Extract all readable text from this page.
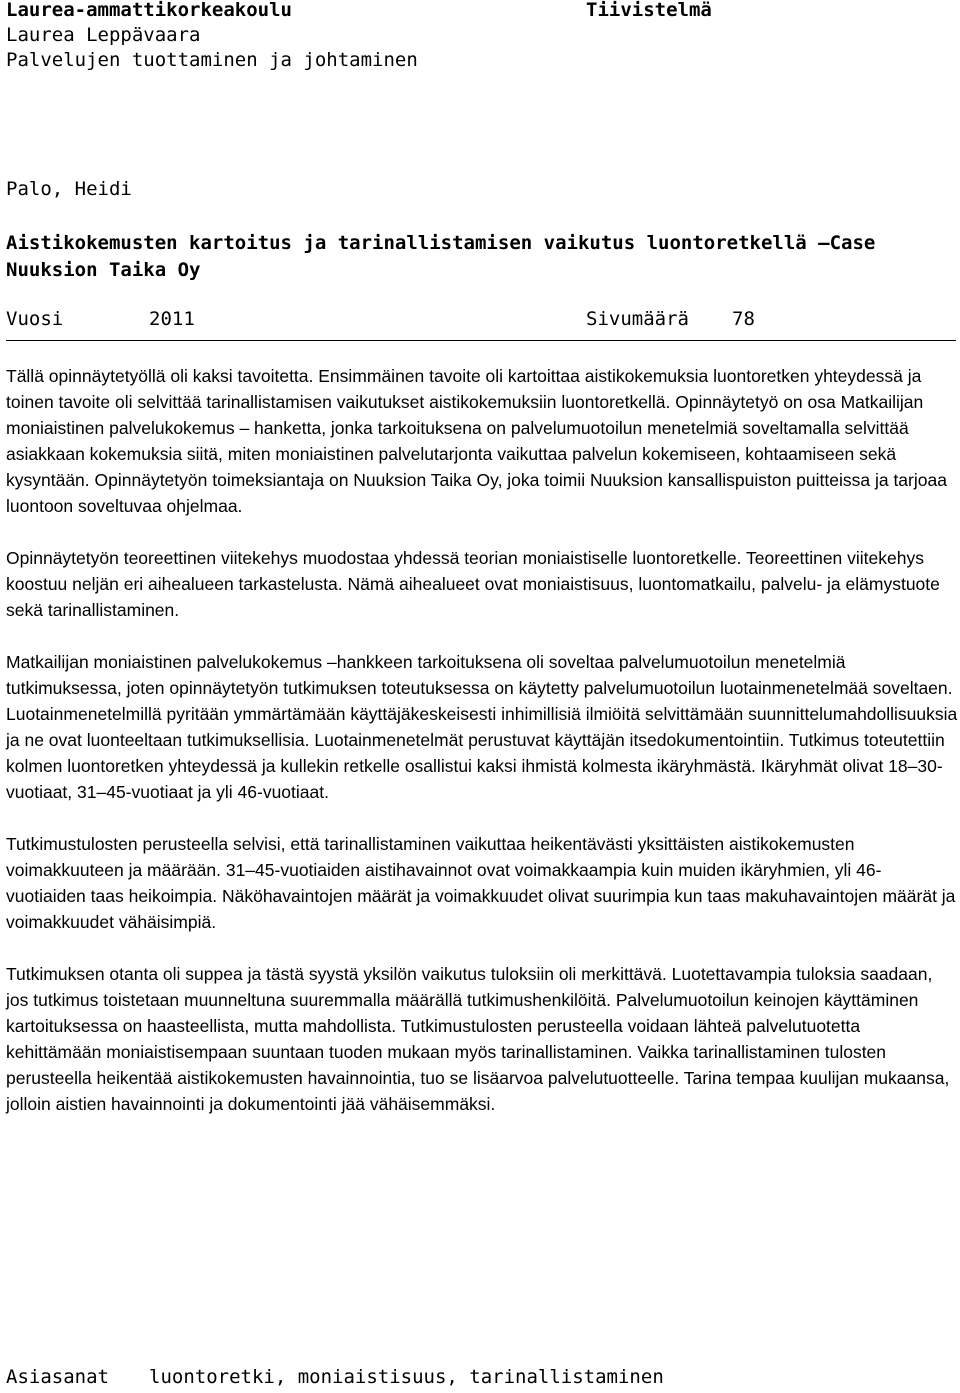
Laurea-ammattikorkeakoulu
Laurea Leppävaara
Palvelujen tuottaminen ja johtaminen
Tiivistelmä
Palo, Heidi
Aistikokemusten kartoitus ja tarinallistamisen vaikutus luontoretkellä –Case Nuuksion Taika Oy
Vuosi	2011	Sivumäärä 78

Tällä opinnäytetyöllä oli kaksi tavoitetta. Ensimmäinen tavoite oli kartoittaa aistikokemuksia luontoretken yhteydessä ja toinen tavoite oli selvittää tarinallistamisen vaikutukset aistikokemuksiin luontoretkellä. Opinnäytetyö on osa Matkailijan moniaistinen palvelukokemus – hanketta, jonka tarkoituksena on palvelumuotoilun menetelmiä soveltamalla selvittää asiakkaan kokemuksia siitä, miten moniaistinen palvelutarjonta vaikuttaa palvelun kokemiseen, kohtaamiseen sekä kysyntään. Opinnäytetyön toimeksiantaja on Nuuksion Taika Oy, joka toimii Nuuksion kansallispuiston puitteissa ja tarjoaa luontoon soveltuvaa ohjelmaa.

Opinnäytetyön teoreettinen viitekehys muodostaa yhdessä teorian moniaistiselle luontoretkelle. Teoreettinen viitekehys koostuu neljän eri aihealueen tarkastelusta. Nämä aihealueet ovat moniaistisuus, luontomatkailu, palvelu- ja elämystuote sekä tarinallistaminen.

Matkailijan moniaistinen palvelukokemus –hankkeen tarkoituksena oli soveltaa palvelumuotoilun menetelmiä tutkimuksessa, joten opinnäytetyön tutkimuksen toteutuksessa on käytetty palvelumuotoilun luotainmenetelmää soveltaen. Luotainmenetelmillä pyritään ymmärtämään käyttäjäkeskeisesti inhimillisiä ilmiöitä selvittämään suunnittelumahdollisuuksia ja ne ovat luonteeltaan tutkimuksellisia. Luotainmenetelmät perustuvat käyttäjän itsedokumentointiin. Tutkimus toteutettiin kolmen luontoretken yhteydessä ja kullekin retkelle osallistui kaksi ihmistä kolmesta ikäryhmästä. Ikäryhmät olivat 18–30-vuotiaat, 31–45-vuotiaat ja yli 46-vuotiaat.

Tutkimustulosten perusteella selvisi, että tarinallistaminen vaikuttaa heikentävästi yksittäisten aistikokemusten voimakkuuteen ja määrään. 31–45-vuotiaiden aistihavainnot ovat voimakkaampia kuin muiden ikäryhmien, yli 46-vuotiaiden taas heikoimpia. Näköhavaintojen määrät ja voimakkuudet olivat suurimpia kun taas makuhavaintojen määrät ja voimakkuudet vähäisimpiä.

Tutkimuksen otanta oli suppea ja tästä syystä yksilön vaikutus tuloksiin oli merkittävä. Luotettavampia tuloksia saadaan, jos tutkimus toistetaan muunneltuna suuremmalla määrällä tutkimushenkilöitä. Palvelumuotoilun keinojen käyttäminen kartoituksessa on haasteellista, mutta mahdollista. Tutkimustulosten perusteella voidaan lähteä palvelutuotetta kehittämään moniaistisempaan suuntaan tuoden mukaan myös tarinallistaminen. Vaikka tarinallistaminen tulosten perusteella heikentää aistikokemusten havainnointia, tuo se lisäarvoa palvelutuotteelle. Tarina tempaa kuulijan mukaansa, jolloin aistien havainnointi ja dokumentointi jää vähäisemmäksi.

Asiasanat luontoretki, moniaistisuus, tarinallistaminen
